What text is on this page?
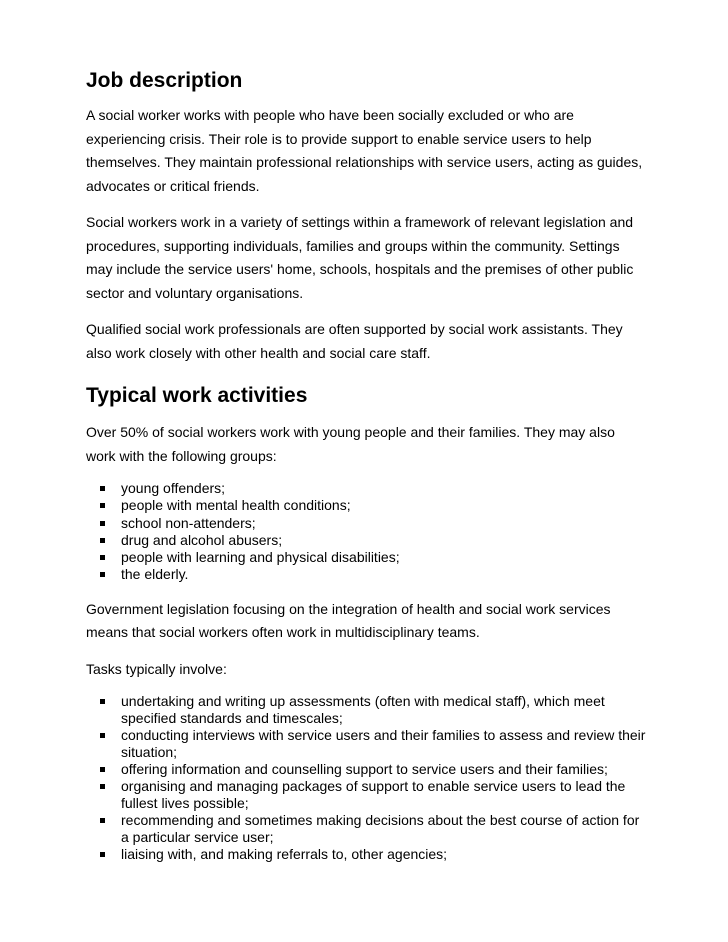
Job description

A social worker works with people who have been socially excluded or who are experiencing crisis. Their role is to provide support to enable service users to help themselves. They maintain professional relationships with service users, acting as guides, advocates or critical friends.

Social workers work in a variety of settings within a framework of relevant legislation and procedures, supporting individuals, families and groups within the community. Settings may include the service users' home, schools, hospitals and the premises of other public sector and voluntary organisations.

Qualified social work professionals are often supported by social work assistants. They also work closely with other health and social care staff.

Typical work activities

Over 50% of social workers work with young people and their families. They may also work with the following groups:

young offenders;
people with mental health conditions;
school non-attenders;
drug and alcohol abusers;
people with learning and physical disabilities;
the elderly.

Government legislation focusing on the integration of health and social work services means that social workers often work in multidisciplinary teams.

Tasks typically involve:

undertaking and writing up assessments (often with medical staff), which meet specified standards and timescales;
conducting interviews with service users and their families to assess and review their situation;
offering information and counselling support to service users and their families;
organising and managing packages of support to enable service users to lead the fullest lives possible;
recommending and sometimes making decisions about the best course of action for a particular service user;
liaising with, and making referrals to, other agencies;
